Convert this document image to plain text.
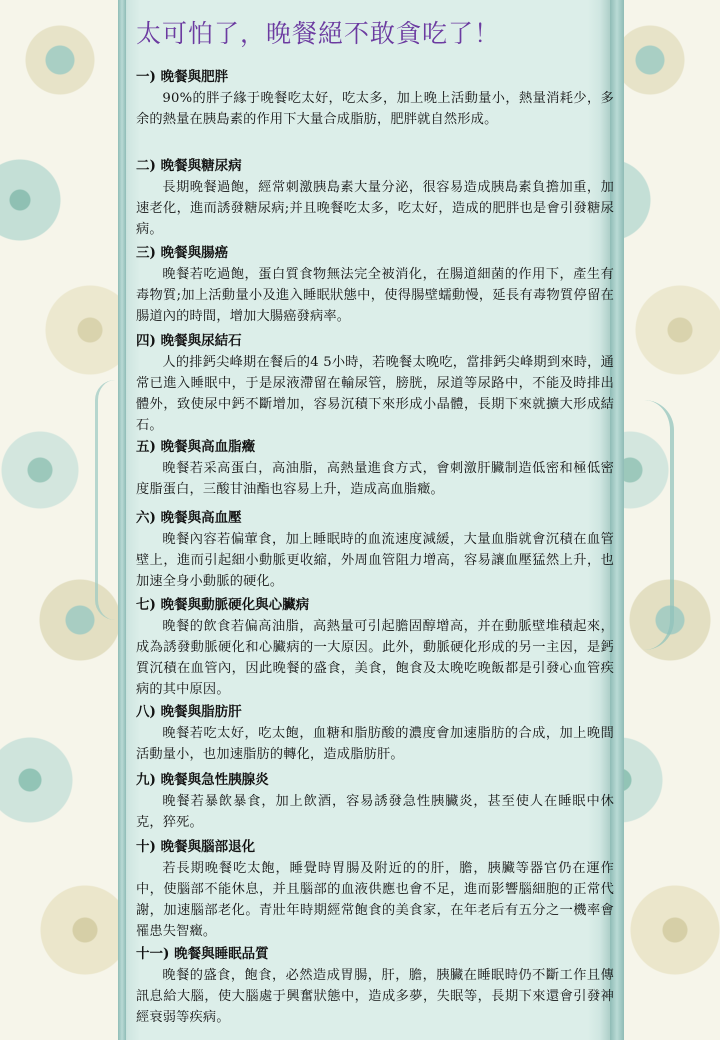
太可怕了，晚餐絕不敢貪吃了！
一) 晚餐與肥胖

90%的胖子緣于晚餐吃太好，吃太多，加上晚上活動量小，熱量消耗少，多余的熱量在胰島素的作用下大量合成脂肪，肥胖就自然形成。

二) 晚餐與糖尿病

長期晚餐過飽，經常刺激胰島素大量分泌，很容易造成胰島素負擔加重，加速老化，進而誘發糖尿病;并且晚餐吃太多，吃太好，造成的肥胖也是會引發糖尿病。

三) 晚餐與腸癌

晚餐若吃過飽，蛋白質食物無法完全被消化，在腸道細菌的作用下，產生有毒物質;加上活動量小及進入睡眠狀態中，使得腸壁蠕動慢，延長有毒物質停留在腸道內的時間，增加大腸癌發病率。

四) 晚餐與尿結石

人的排鈣尖峰期在餐后的4 5小時，若晚餐太晚吃，當排鈣尖峰期到來時，通常已進入睡眠中，于是尿液滯留在輸尿管，膀胱，尿道等尿路中，不能及時排出體外，致使尿中鈣不斷增加，容易沉積下來形成小晶體，長期下來就擴大形成結石。

五) 晚餐與高血脂癥

晚餐若采高蛋白，高油脂，高熱量進食方式，會刺激肝臟制造低密和極低密度脂蛋白，三酸甘油酯也容易上升，造成高血脂癥。

六) 晚餐與高血壓

晚餐內容若偏葷食，加上睡眠時的血流速度減緩，大量血脂就會沉積在血管壁上，進而引起細小動脈更收縮，外周血管阻力增高，容易讓血壓猛然上升，也加速全身小動脈的硬化。

七) 晚餐與動脈硬化與心臟病

晚餐的飲食若偏高油脂，高熱量可引起膽固醇增高，并在動脈壁堆積起來，成為誘發動脈硬化和心臟病的一大原因。此外，動脈硬化形成的另一主因，是鈣質沉積在血管內，因此晚餐的盛食，美食，飽食及太晚吃晚飯都是引發心血管疾病的其中原因。

八) 晚餐與脂肪肝

晚餐若吃太好，吃太飽，血糖和脂肪酸的濃度會加速脂肪的合成，加上晚間活動量小，也加速脂肪的轉化，造成脂肪肝。

九) 晚餐與急性胰腺炎

晚餐若暴飲暴食，加上飲酒，容易誘發急性胰臟炎，甚至使人在睡眠中休克，猝死。

十) 晚餐與腦部退化

若長期晚餐吃太飽，睡覺時胃腸及附近的的肝，膽，胰臟等器官仍在運作中，使腦部不能休息，并且腦部的血液供應也會不足，進而影響腦細胞的正常代謝，加速腦部老化。青壯年時期經常飽食的美食家，在年老后有五分之一機率會罹患失智癥。

十一) 晚餐與睡眠品質

晚餐的盛食，飽食，必然造成胃腸，肝，膽，胰臟在睡眠時仍不斷工作且傳訊息給大腦，使大腦處于興奮狀態中，造成多夢，失眠等，長期下來還會引發神經衰弱等疾病。
